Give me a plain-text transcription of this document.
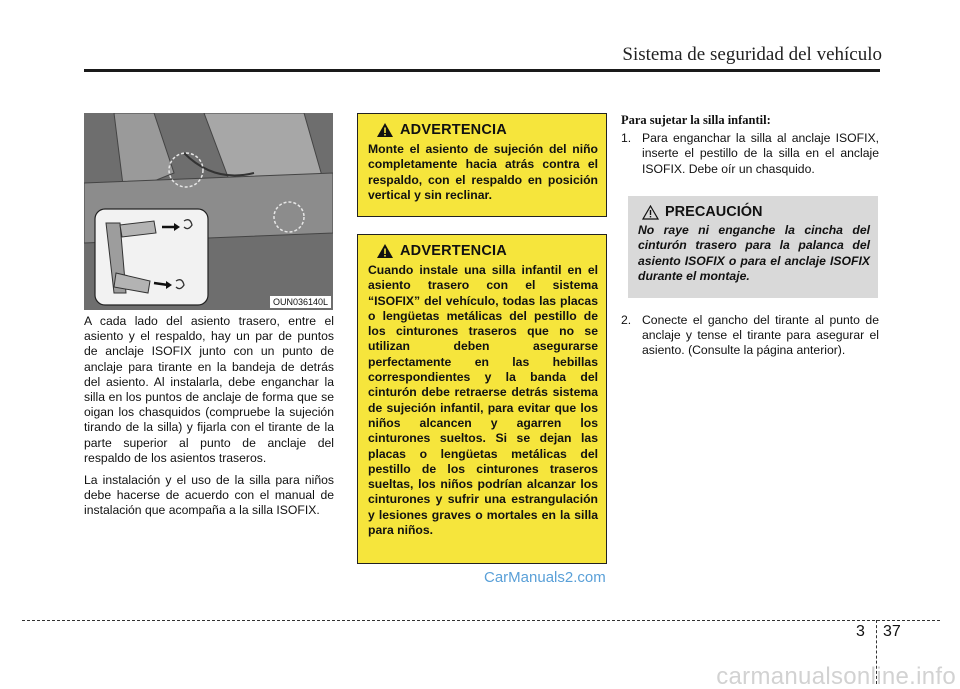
Sistema de seguridad del vehículo
OUN036140L

A cada lado del asiento trasero, entre el asiento y el respaldo, hay un par de puntos de anclaje ISOFIX junto con un punto de anclaje para tirante en la bandeja de detrás del asiento. Al instalarla, debe enganchar la silla en los puntos de anclaje de forma que se oigan los chasquidos (compruebe la sujeción tirando de la silla) y fijarla con el tirante de la parte superior al punto de anclaje del respaldo de los asientos traseros.

La instalación y el uso de la silla para niños debe hacerse de acuerdo con el manual de instalación que acompaña a la silla ISOFIX.

ADVERTENCIA
Monte el asiento de sujeción del niño completamente hacia atrás contra el respaldo, con el respaldo en posición vertical y sin reclinar.
ADVERTENCIA
Cuando instale una silla infantil en el asiento trasero con el sistema “ISOFIX” del vehículo, todas las placas o lengüetas metálicas del pestillo de los cinturones traseros que no se utilizan deben asegurarse perfectamente en las hebillas correspondientes y la banda del cinturón debe retraerse detrás sistema de sujeción infantil, para evitar que los niños alcancen y agarren los cinturones sueltos. Si se dejan las placas o lengüetas metálicas del pestillo de los cinturones traseros sueltas, los niños podrían alcanzar los cinturones y sufrir una estrangulación y lesiones graves o mortales en la silla para niños.
Para sujetar la silla infantil:
1. Para enganchar la silla al anclaje ISOFIX, inserte el pestillo de la silla en el anclaje ISOFIX. Debe oír un chasquido.
PRECAUCIÓN
No raye ni enganche la cincha del cinturón trasero para la palanca del asiento ISOFIX o para el anclaje ISOFIX durante el montaje.
2. Conecte el gancho del tirante al punto de anclaje y tense el tirante para asegurar el asiento. (Consulte la página anterior).
CarManuals2.com
3 37
carmanualsonline.info
